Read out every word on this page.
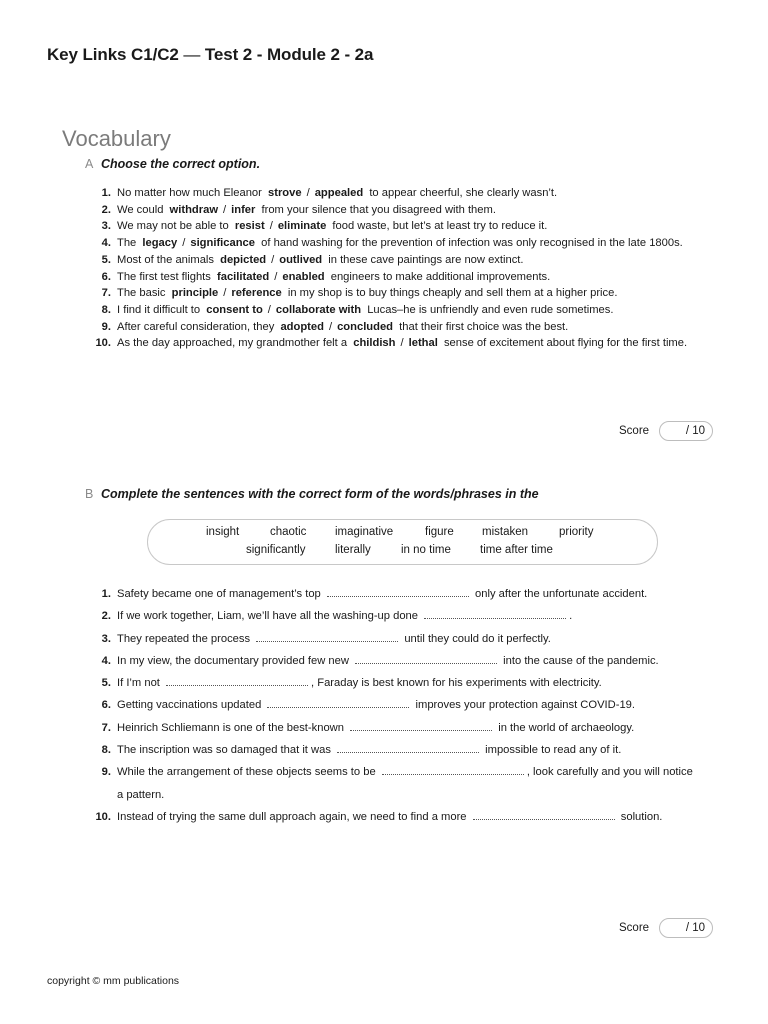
Key Links C1/C2 — Test 2 - Module 2 - 2a
Vocabulary
A Choose the correct option.
1. No matter how much Eleanor strove / appealed to appear cheerful, she clearly wasn’t.
2. We could withdraw / infer from your silence that you disagreed with them.
3. We may not be able to resist / eliminate food waste, but let’s at least try to reduce it.
4. The legacy / significance of hand washing for the prevention of infection was only recognised in the late 1800s.
5. Most of the animals depicted / outlived in these cave paintings are now extinct.
6. The first test flights facilitated / enabled engineers to make additional improvements.
7. The basic principle / reference in my shop is to buy things cheaply and sell them at a higher price.
8. I find it difficult to consent to / collaborate with Lucas–he is unfriendly and even rude sometimes.
9. After careful consideration, they adopted / concluded that their first choice was the best.
10. As the day approached, my grandmother felt a childish / lethal sense of excitement about flying for the first time.
Score	/ 10
B Complete the sentences with the correct form of the words/phrases in the
insight	chaotic imaginative	figure mistaken	priority
significantly	literally	in no time	time after time
1. Safety became one of management’s top	only after the unfortunate accident.
2. If we work together, Liam, we’ll have all the washing-up done	.
3. They repeated the process	until they could do it perfectly.
4. In my view, the documentary provided few new	into the cause of the pandemic.
5. If I’m not	, Faraday is best known for his experiments with electricity.
6. Getting vaccinations updated	improves your protection against COVID-19.
7. Heinrich Schliemann is one of the best-known	in the world of archaeology.
8. The inscription was so damaged that it was	impossible to read any of it.
9. While the arrangement of these objects seems to be	, look carefully and you will notice a pattern.
10. Instead of trying the same dull approach again, we need to find a more	solution.
Score	/ 10
copyright © mm publications
